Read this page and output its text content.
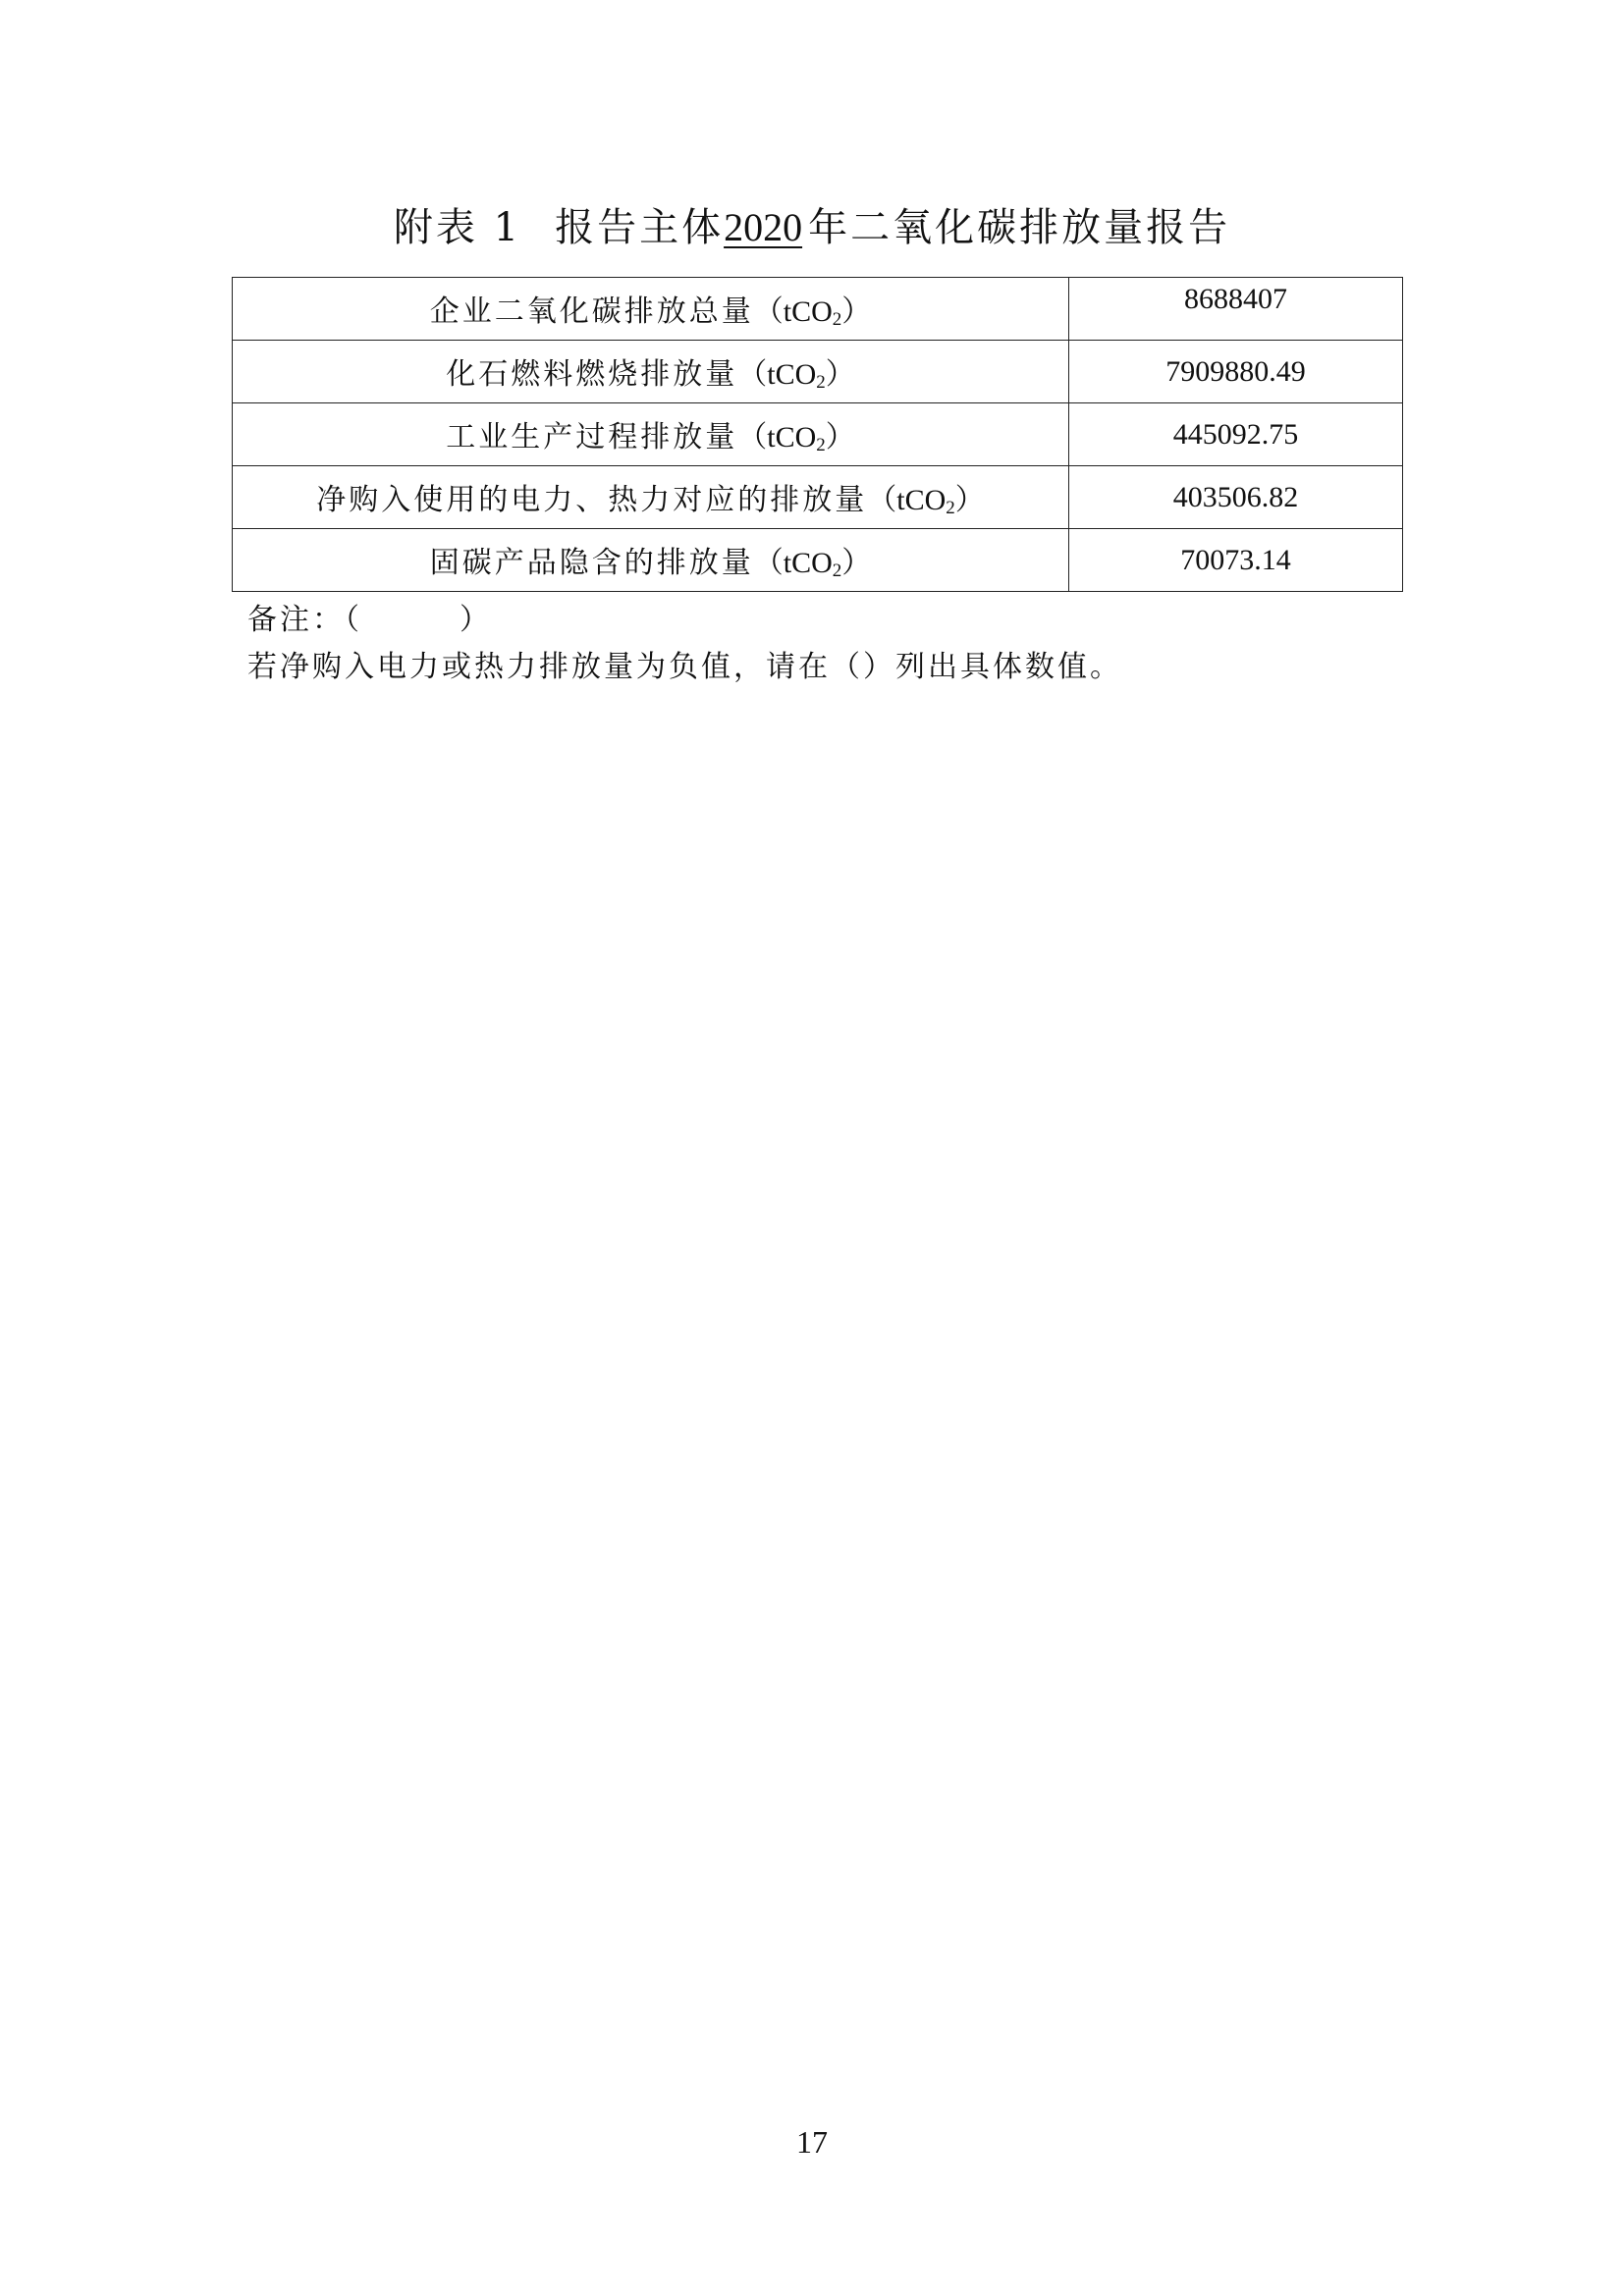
附表 1 报告主体2020 年二氧化碳排放量报告
企业二氧化碳排放总量（tCO$_2$）	8688407
化石燃料燃烧排放量（tCO$_2$）	7909880.49
工业生产过程排放量（tCO$_2$）	445092.75
净购入使用的电力、热力对应的排放量（tCO$_2$）	403506.82
固碳产品隐含的排放量（tCO$_2$）	70073.14
备注：（　　　）
若净购入电力或热力排放量为负值，请在（）列出具体数值。
17
